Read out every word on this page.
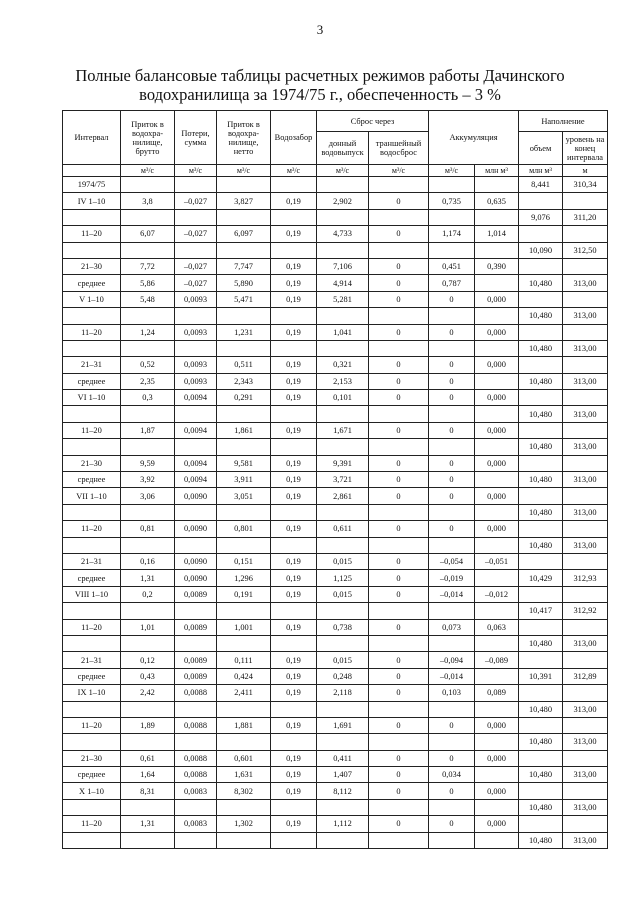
3
Полные балансовые таблицы расчетных режимов работы Дачинского
водохранилища за 1974/75 г., обеспеченность – 3 %
Интервал	Приток в водохра-нилище, брутто	Потери, сумма	Приток в водохра-нилище, нетто	Водозабор	Сброс через		Аккумуляция		Наполнение	
					донный водовыпуск	траншейный водосброс			объем	уровень на конец интервала
	м³/с	м³/с	м³/с	м³/с	м³/с	м³/с	м³/с	млн м³	млн м³	м
1974/75									8,441	310,34
IV 1–10	3,8	–0,027	3,827	0,19	2,902	0	0,735	0,635		
									9,076	311,20
11–20	6,07	–0,027	6,097	0,19	4,733	0	1,174	1,014		
									10,090	312,50
21–30	7,72	–0,027	7,747	0,19	7,106	0	0,451	0,390		
среднее	5,86	–0,027	5,890	0,19	4,914	0	0,787		10,480	313,00
V 1–10	5,48	0,0093	5,471	0,19	5,281	0	0	0,000		
									10,480	313,00
11–20	1,24	0,0093	1,231	0,19	1,041	0	0	0,000		
									10,480	313,00
21–31	0,52	0,0093	0,511	0,19	0,321	0	0	0,000		
среднее	2,35	0,0093	2,343	0,19	2,153	0	0		10,480	313,00
VI 1–10	0,3	0,0094	0,291	0,19	0,101	0	0	0,000		
									10,480	313,00
11–20	1,87	0,0094	1,861	0,19	1,671	0	0	0,000		
									10,480	313,00
21–30	9,59	0,0094	9,581	0,19	9,391	0	0	0,000		
среднее	3,92	0,0094	3,911	0,19	3,721	0	0		10,480	313,00
VII 1–10	3,06	0,0090	3,051	0,19	2,861	0	0	0,000		
									10,480	313,00
11–20	0,81	0,0090	0,801	0,19	0,611	0	0	0,000		
									10,480	313,00
21–31	0,16	0,0090	0,151	0,19	0,015	0	–0,054	–0,051		
среднее	1,31	0,0090	1,296	0,19	1,125	0	–0,019		10,429	312,93
VIII 1–10	0,2	0,0089	0,191	0,19	0,015	0	–0,014	–0,012		
									10,417	312,92
11–20	1,01	0,0089	1,001	0,19	0,738	0	0,073	0,063		
									10,480	313,00
21–31	0,12	0,0089	0,111	0,19	0,015	0	–0,094	–0,089		
среднее	0,43	0,0089	0,424	0,19	0,248	0	–0,014		10,391	312,89
IX 1–10	2,42	0,0088	2,411	0,19	2,118	0	0,103	0,089		
									10,480	313,00
11–20	1,89	0,0088	1,881	0,19	1,691	0	0	0,000		
									10,480	313,00
21–30	0,61	0,0088	0,601	0,19	0,411	0	0	0,000		
среднее	1,64	0,0088	1,631	0,19	1,407	0	0,034		10,480	313,00
X 1–10	8,31	0,0083	8,302	0,19	8,112	0	0	0,000		
									10,480	313,00
11–20	1,31	0,0083	1,302	0,19	1,112	0	0	0,000		
									10,480	313,00
